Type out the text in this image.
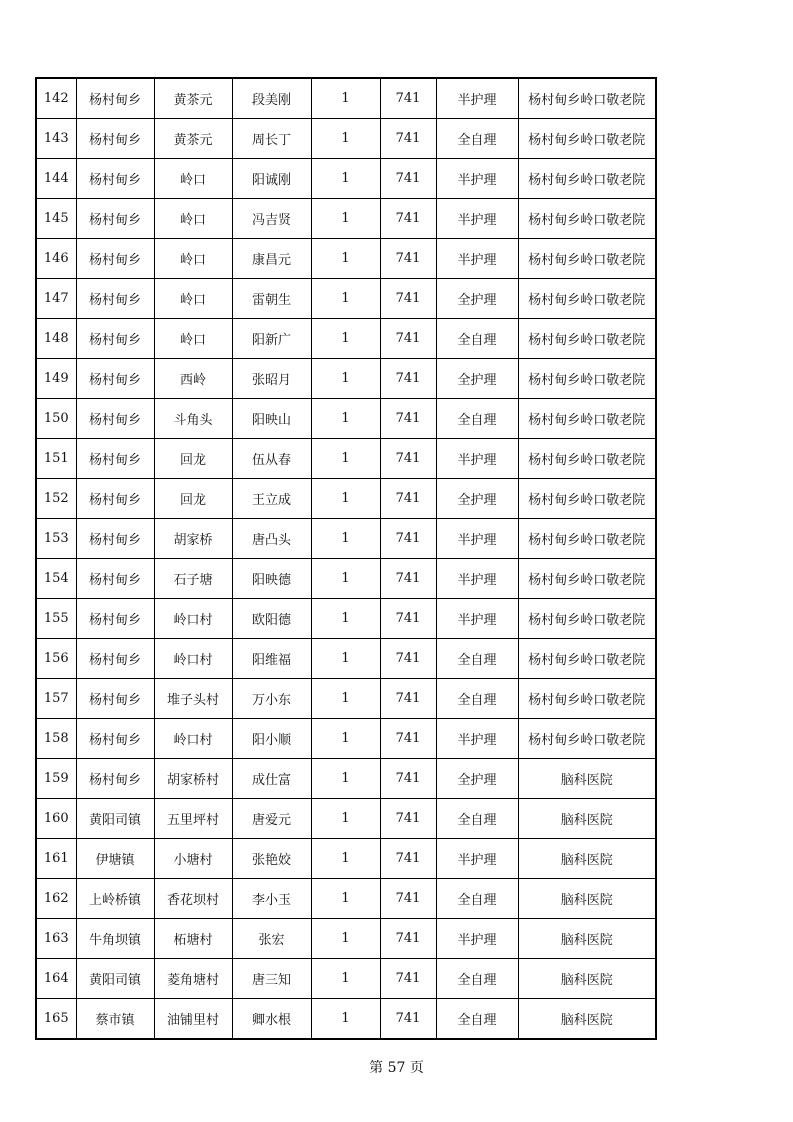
142	杨村甸乡	黄茶元	段美刚	1	741	半护理	杨村甸乡岭口敬老院
143	杨村甸乡	黄茶元	周长丁	1	741	全自理	杨村甸乡岭口敬老院
144	杨村甸乡	岭口	阳诚刚	1	741	半护理	杨村甸乡岭口敬老院
145	杨村甸乡	岭口	冯吉贤	1	741	半护理	杨村甸乡岭口敬老院
146	杨村甸乡	岭口	康昌元	1	741	半护理	杨村甸乡岭口敬老院
147	杨村甸乡	岭口	雷朝生	1	741	全护理	杨村甸乡岭口敬老院
148	杨村甸乡	岭口	阳新广	1	741	全自理	杨村甸乡岭口敬老院
149	杨村甸乡	西岭	张昭月	1	741	全护理	杨村甸乡岭口敬老院
150	杨村甸乡	斗角头	阳映山	1	741	全自理	杨村甸乡岭口敬老院
151	杨村甸乡	回龙	伍从春	1	741	半护理	杨村甸乡岭口敬老院
152	杨村甸乡	回龙	王立成	1	741	全护理	杨村甸乡岭口敬老院
153	杨村甸乡	胡家桥	唐凸头	1	741	半护理	杨村甸乡岭口敬老院
154	杨村甸乡	石子塘	阳映德	1	741	半护理	杨村甸乡岭口敬老院
155	杨村甸乡	岭口村	欧阳德	1	741	半护理	杨村甸乡岭口敬老院
156	杨村甸乡	岭口村	阳维福	1	741	全自理	杨村甸乡岭口敬老院
157	杨村甸乡	堆子头村	万小东	1	741	全自理	杨村甸乡岭口敬老院
158	杨村甸乡	岭口村	阳小顺	1	741	半护理	杨村甸乡岭口敬老院
159	杨村甸乡	胡家桥村	成仕富	1	741	全护理	脑科医院
160	黄阳司镇	五里坪村	唐爱元	1	741	全自理	脑科医院
161	伊塘镇	小塘村	张艳姣	1	741	半护理	脑科医院
162	上岭桥镇	香花坝村	李小玉	1	741	全自理	脑科医院
163	牛角坝镇	柘塘村	张宏	1	741	半护理	脑科医院
164	黄阳司镇	菱角塘村	唐三知	1	741	全自理	脑科医院
165	蔡市镇	油铺里村	卿水根	1	741	全自理	脑科医院
第 57 页
